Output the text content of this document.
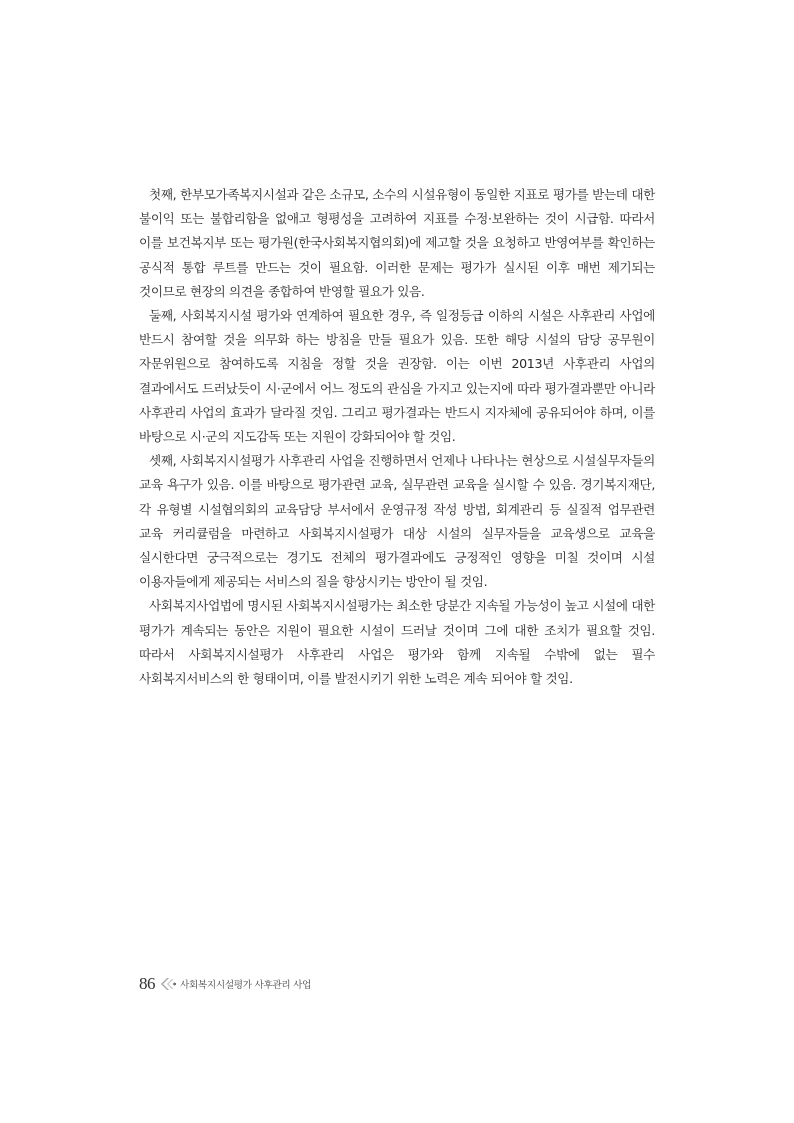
첫째, 한부모가족복지시설과 같은 소규모, 소수의 시설유형이 동일한 지표로 평가를 받는데 대한 불이익 또는 불합리함을 없애고 형평성을 고려하여 지표를 수정·보완하는 것이 시급함. 따라서 이를 보건복지부 또는 평가원(한국사회복지협의회)에 제고할 것을 요청하고 반영여부를 확인하는 공식적 통합 루트를 만드는 것이 필요함. 이러한 문제는 평가가 실시된 이후 매번 제기되는 것이므로 현장의 의견을 종합하여 반영할 필요가 있음.

둘째, 사회복지시설 평가와 연계하여 필요한 경우, 즉 일정등급 이하의 시설은 사후관리 사업에 반드시 참여할 것을 의무화 하는 방침을 만들 필요가 있음. 또한 해당 시설의 담당 공무원이 자문위원으로 참여하도록 지침을 정할 것을 권장함. 이는 이번 2013년 사후관리 사업의 결과에서도 드러났듯이 시·군에서 어느 정도의 관심을 가지고 있는지에 따라 평가결과뿐만 아니라 사후관리 사업의 효과가 달라질 것임. 그리고 평가결과는 반드시 지자체에 공유되어야 하며, 이를 바탕으로 시·군의 지도감독 또는 지원이 강화되어야 할 것임.

셋째, 사회복지시설평가 사후관리 사업을 진행하면서 언제나 나타나는 현상으로 시설실무자들의 교육 욕구가 있음. 이를 바탕으로 평가관련 교육, 실무관련 교육을 실시할 수 있음. 경기복지재단, 각 유형별 시설협의회의 교육담당 부서에서 운영규정 작성 방법, 회계관리 등 실질적 업무관련 교육 커리큘럼을 마련하고 사회복지시설평가 대상 시설의 실무자들을 교육생으로 교육을 실시한다면 궁극적으로는 경기도 전체의 평가결과에도 긍정적인 영향을 미칠 것이며 시설 이용자들에게 제공되는 서비스의 질을 향상시키는 방안이 될 것임.

사회복지사업법에 명시된 사회복지시설평가는 최소한 당분간 지속될 가능성이 높고 시설에 대한 평가가 계속되는 동안은 지원이 필요한 시설이 드러날 것이며 그에 대한 조치가 필요할 것임. 따라서 사회복지시설평가 사후관리 사업은 평가와 함께 지속될 수밖에 없는 필수 사회복지서비스의 한 형태이며, 이를 발전시키기 위한 노력은 계속 되어야 할 것임.

86	사회복지시설평가 사후관리 사업
